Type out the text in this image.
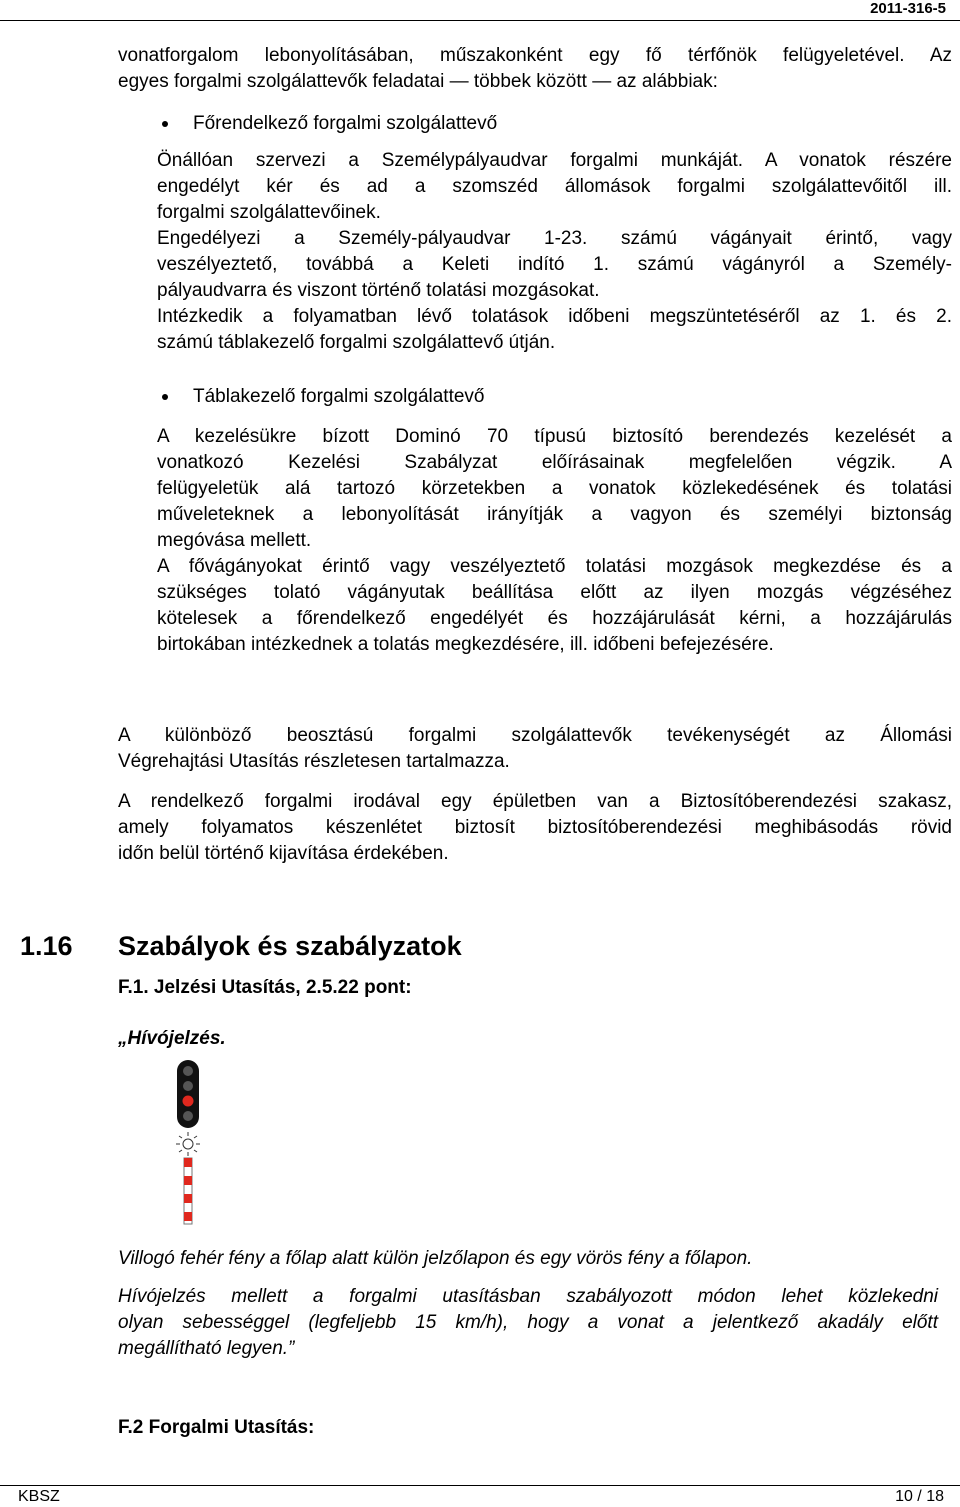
2011-316-5
vonatforgalom lebonyolításában, műszakonként egy fő térfőnök felügyeletével. Az
egyes forgalmi szolgálattevők feladatai — többek között — az alábbiak:
Főrendelkező forgalmi szolgálattevő
Önállóan szervezi a Személypályaudvar forgalmi munkáját. A vonatok részére
engedélyt kér és ad a szomszéd állomások forgalmi szolgálattevőitől ill.
forgalmi szolgálattevőinek.
Engedélyezi a Személy-pályaudvar 1-23. számú vágányait érintő, vagy
veszélyeztető, továbbá a Keleti indító 1. számú vágányról a Személy-
pályaudvarra és viszont történő tolatási mozgásokat.
Intézkedik a folyamatban lévő tolatások időbeni megszüntetéséről az 1. és 2.
számú táblakezelő forgalmi szolgálattevő útján.
Táblakezelő forgalmi szolgálattevő
A kezelésükre bízott Dominó 70 típusú biztosító berendezés kezelését a
vonatkozó Kezelési Szabályzat előírásainak megfelelően végzik. A
felügyeletük alá tartozó körzetekben a vonatok közlekedésének és tolatási
műveleteknek a lebonyolítását irányítják a vagyon és személyi biztonság
megóvása mellett.
A fővágányokat érintő vagy veszélyeztető tolatási mozgások megkezdése és a
szükséges tolató vágányutak beállítása előtt az ilyen mozgás végzéséhez
kötelesek a főrendelkező engedélyét és hozzájárulását kérni, a hozzájárulás
birtokában intézkednek a tolatás megkezdésére, ill. időbeni befejezésére.
A különböző beosztású forgalmi szolgálattevők tevékenységét az Állomási
Végrehajtási Utasítás részletesen tartalmazza.
A rendelkező forgalmi irodával egy épületben van a Biztosítóberendezési szakasz,
amely folyamatos készenlétet biztosít biztosítóberendezési meghibásodás rövid
időn belül történő kijavítása érdekében.
1.16 Szabályok és szabályzatok
F.1. Jelzési Utasítás, 2.5.22 pont:
„Hívójelzés.
Villogó fehér fény a főlap alatt külön jelzőlapon és egy vörös fény a főlapon.
Hívójelzés mellett a forgalmi utasításban szabályozott módon lehet közlekedni
olyan sebességgel (legfeljebb 15 km/h), hogy a vonat a jelentkező akadály előtt
megállítható legyen.”
F.2 Forgalmi Utasítás:
KBSZ	10 / 18
